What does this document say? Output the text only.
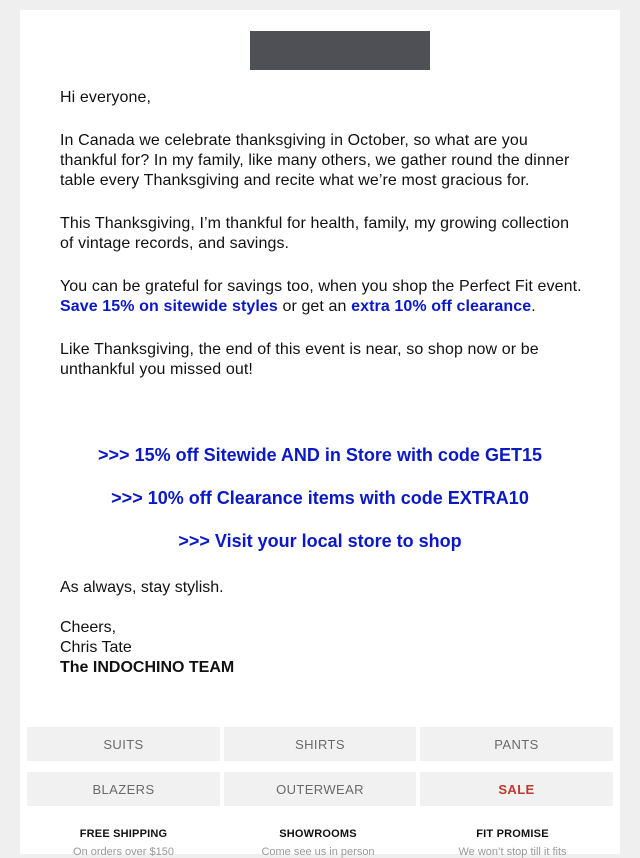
Hi everyone,

In Canada we celebrate thanksgiving in October, so what are you thankful for? In my family, like many others, we gather round the dinner table every Thanksgiving and recite what we’re most gracious for.

This Thanksgiving, I’m thankful for health, family, my growing collection of vintage records, and savings.

You can be grateful for savings too, when you shop the Perfect Fit event. Save 15% on sitewide styles or get an extra 10% off clearance.

Like Thanksgiving, the end of this event is near, so shop now or be unthankful you missed out!

>>> 15% off Sitewide AND in Store with code GET15
>>> 10% off Clearance items with code EXTRA10
>>> Visit your local store to shop
As always, stay stylish.
Cheers,
Chris Tate
The INDOCHINO TEAM
SUITS	SHIRTS	PANTS
BLAZERS	OUTERWEAR	SALE
FREE SHIPPING
On orders over $150
SHOWROOMS
Come see us in person
FIT PROMISE
We won’t stop till it fits
